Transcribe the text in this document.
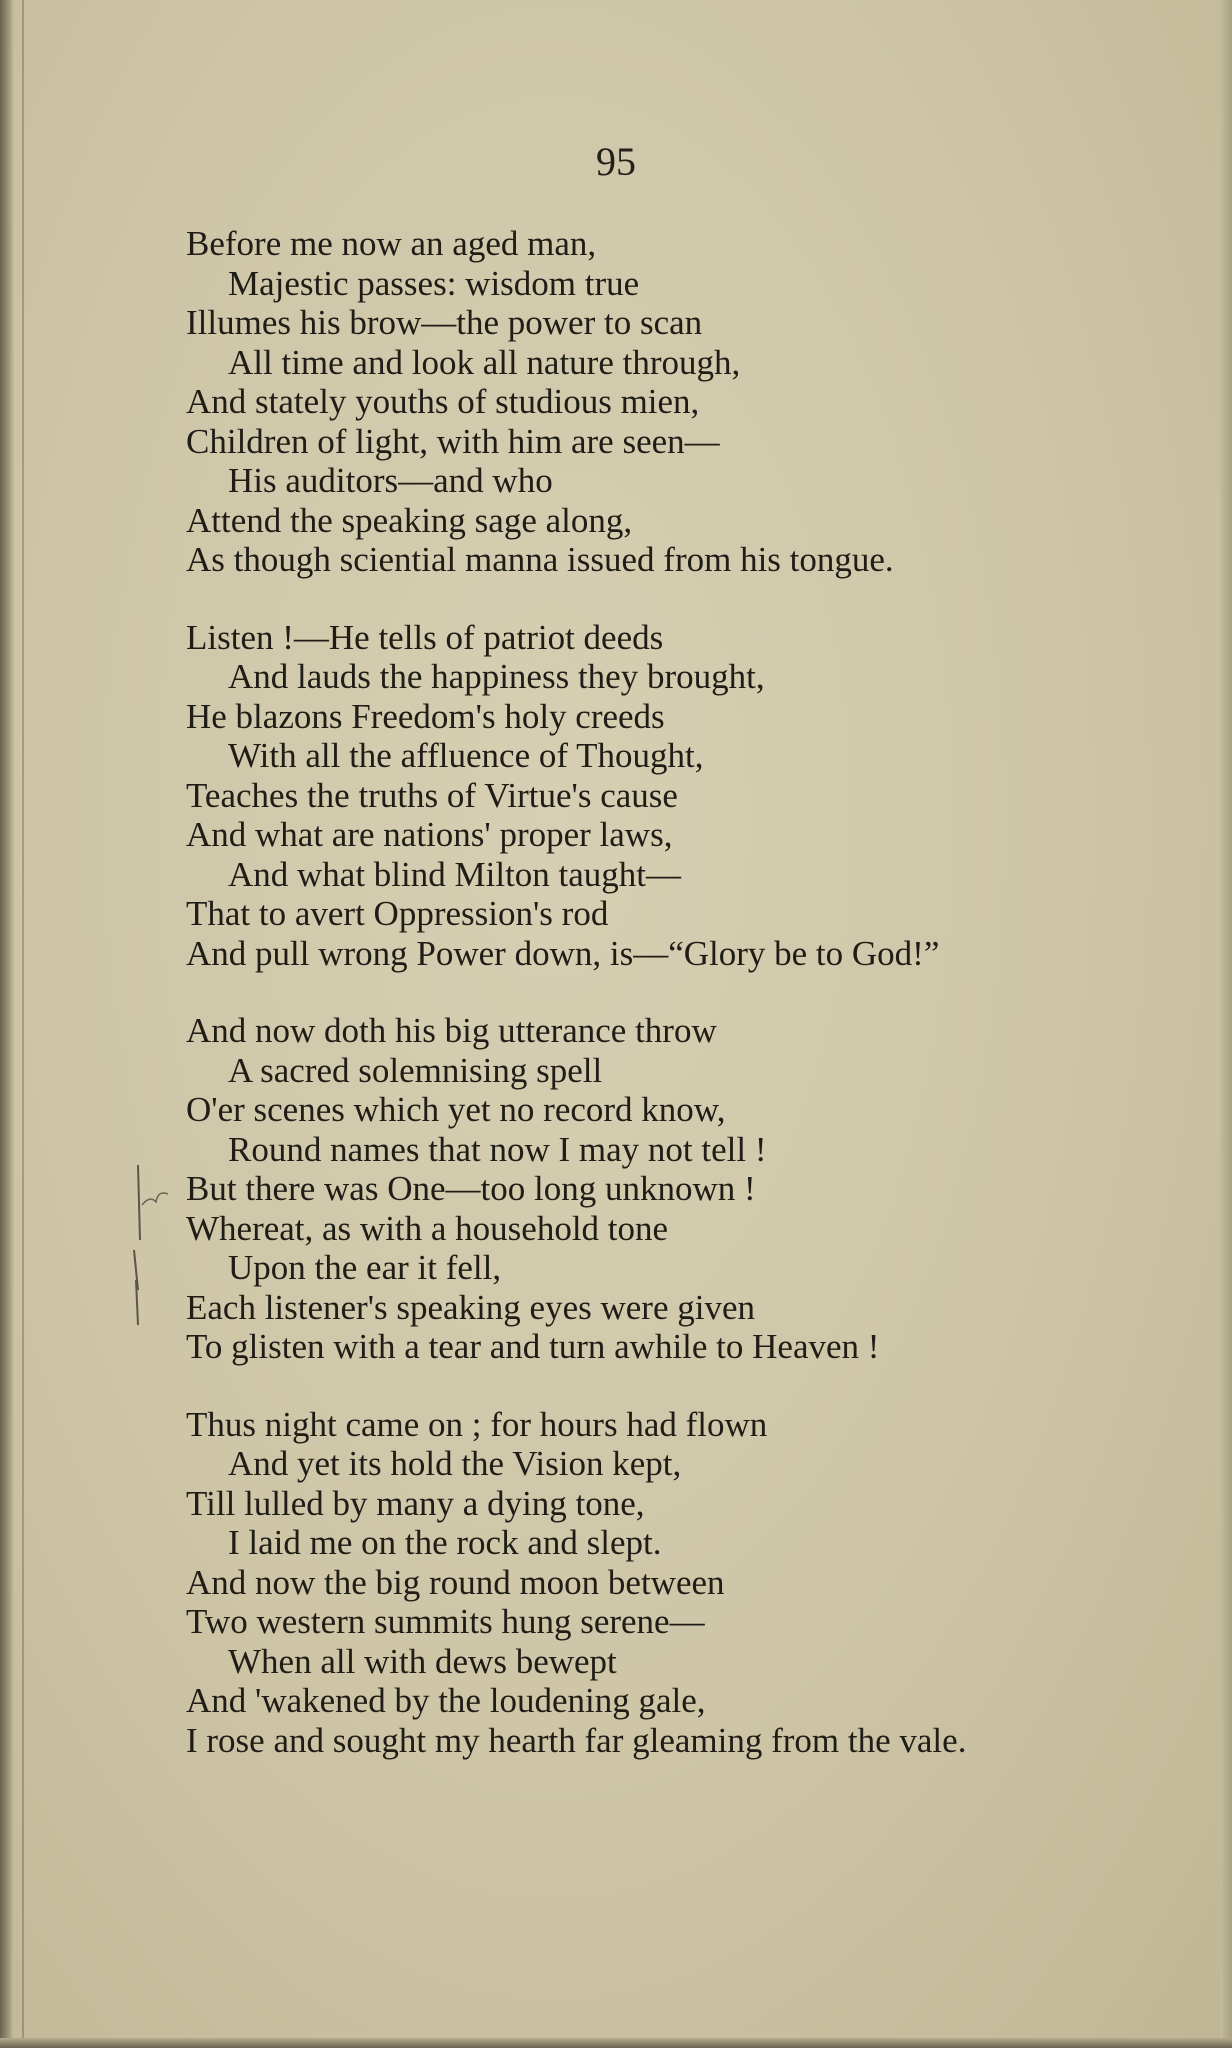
95
Before me now an aged man,
Majestic passes: wisdom true
Illumes his brow—the power to scan
All time and look all nature through,
And stately youths of studious mien,
Children of light, with him are seen—
His auditors—and who
Attend the speaking sage along,
As though sciential manna issued from his tongue.
Listen !—He tells of patriot deeds
And lauds the happiness they brought,
He blazons Freedom's holy creeds
With all the affluence of Thought,
Teaches the truths of Virtue's cause
And what are nations' proper laws,
And what blind Milton taught—
That to avert Oppression's rod
And pull wrong Power down, is—“Glory be to God!”
And now doth his big utterance throw
A sacred solemnising spell
O'er scenes which yet no record know,
Round names that now I may not tell !
But there was One—too long unknown !
Whereat, as with a household tone
Upon the ear it fell,
Each listener's speaking eyes were given
To glisten with a tear and turn awhile to Heaven !
Thus night came on ; for hours had flown
And yet its hold the Vision kept,
Till lulled by many a dying tone,
I laid me on the rock and slept.
And now the big round moon between
Two western summits hung serene—
When all with dews bewept
And 'wakened by the loudening gale,
I rose and sought my hearth far gleaming from the vale.
